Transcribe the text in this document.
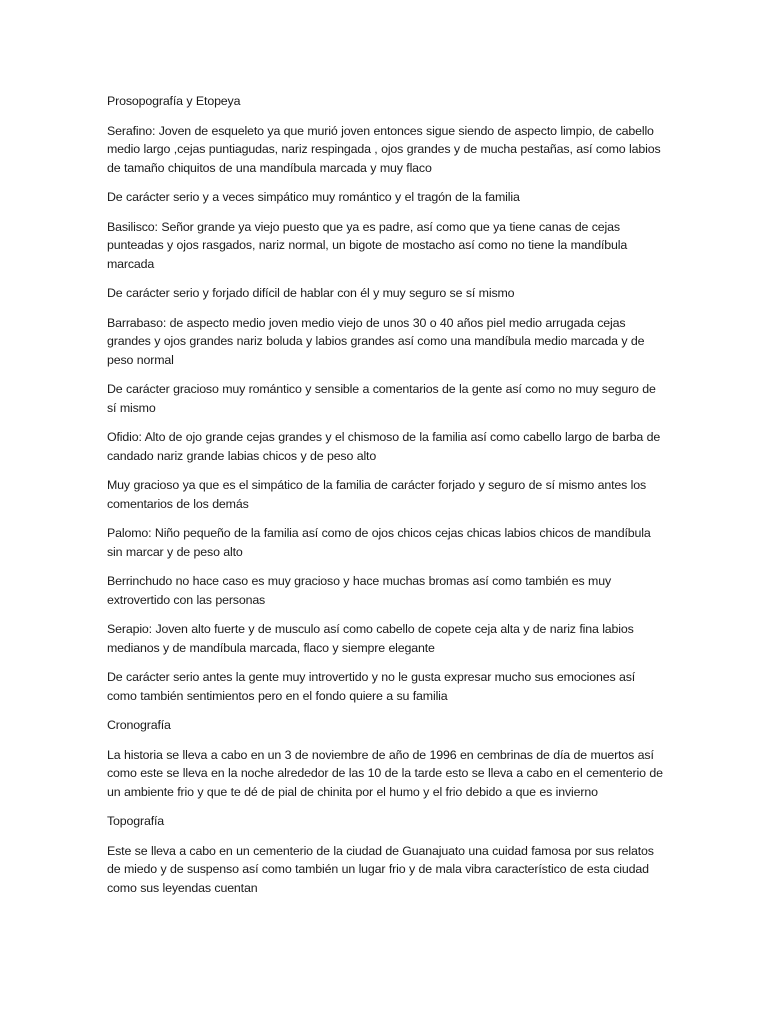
Prosopografía y Etopeya

Serafino: Joven de esqueleto ya que murió joven entonces sigue siendo de aspecto limpio, de cabello medio largo ,cejas puntiagudas, nariz respingada , ojos grandes y de mucha pestañas, así como labios de tamaño chiquitos de una mandíbula marcada y muy flaco

De carácter serio y a veces simpático muy romántico y el tragón de la familia

Basilisco: Señor grande ya viejo puesto que ya es padre, así como que ya tiene canas de cejas punteadas y ojos rasgados, nariz normal, un bigote de mostacho así como no tiene la mandíbula marcada

De carácter serio y forjado difícil de hablar con él y muy seguro se sí mismo

Barrabaso: de aspecto medio joven medio viejo de unos 30 o 40 años piel medio arrugada cejas grandes y ojos grandes nariz boluda y labios grandes así como una mandíbula medio marcada y de peso normal

De carácter gracioso muy romántico y sensible a comentarios de la gente así como no muy seguro de sí mismo

Ofidio: Alto de ojo grande cejas grandes y el chismoso de la familia así como cabello largo de barba de candado nariz grande labias chicos y de peso alto

Muy gracioso ya que es el simpático de la familia de carácter forjado y seguro de sí mismo antes los comentarios de los demás

Palomo: Niño pequeño de la familia así como de ojos chicos cejas chicas labios chicos de mandíbula sin marcar y de peso alto

Berrinchudo no hace caso es muy gracioso y hace muchas bromas así como también es muy extrovertido con las personas

Serapio: Joven alto fuerte y de musculo así como cabello de copete ceja alta y de nariz fina labios medianos y de mandíbula marcada, flaco y siempre elegante

De carácter serio antes la gente muy introvertido y no le gusta expresar mucho sus emociones así como también sentimientos pero en el fondo quiere a su familia

Cronografía

La historia se lleva a cabo en un 3 de noviembre de año de 1996 en cembrinas de día de muertos así como este se lleva en la noche alrededor de las 10 de la tarde esto se lleva a cabo en el cementerio de un ambiente frio y que te dé de pial de chinita por el humo y el frio debido a que es invierno

Topografía

Este se lleva a cabo en un cementerio de la ciudad de Guanajuato una cuidad famosa por sus relatos de miedo y de suspenso así como también un lugar frio y de mala vibra característico de esta ciudad como sus leyendas cuentan
